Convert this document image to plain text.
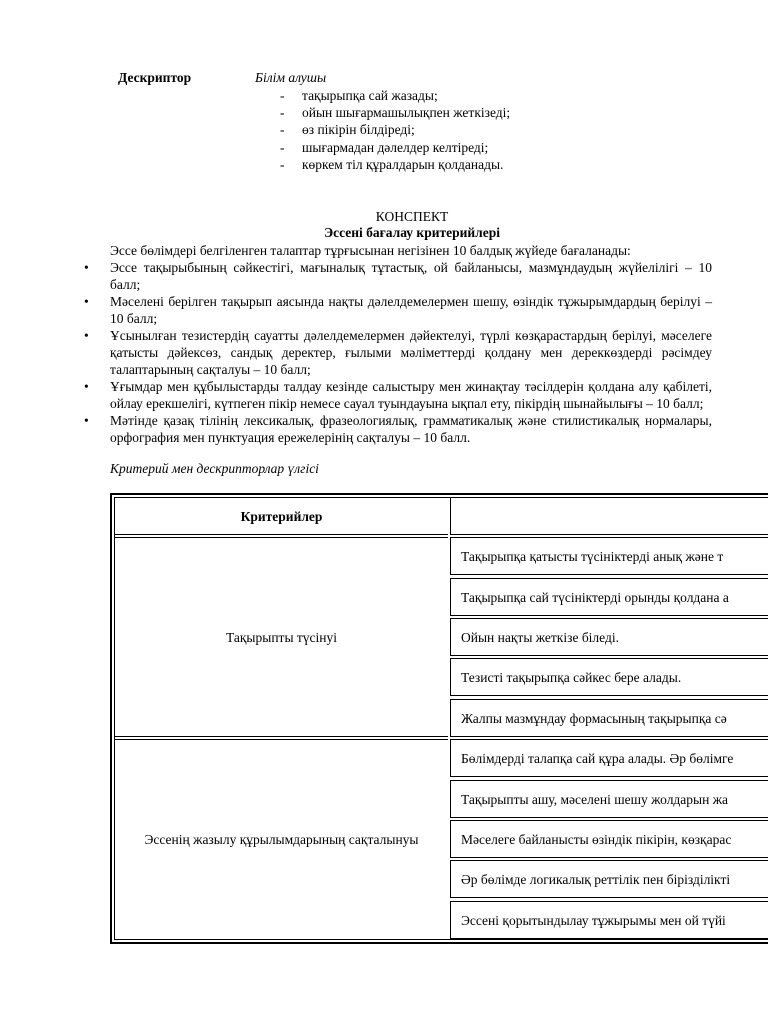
Дескриптор	Білім алушы
- тақырыпқа сай жазады;
- ойын шығармашылықпен жеткізеді;
- өз пікірін білдіреді;
- шығармадан дәлелдер келтіреді;
- көркем тіл құралдарын қолданады.
КОНСПЕКТ
Эссені бағалау критерийлері
Эссе бөлімдері белгіленген талаптар тұрғысынан негізінен 10 балдық жүйеде бағаланады:
• Эссе тақырыбының сәйкестігі, мағыналық тұтастық, ой байланысы, мазмұндаудың жүйелілігі – 10 балл;
• Мәселені берілген тақырып аясында нақты дәлелдемелермен шешу, өзіндік тұжырымдардың берілуі – 10 балл;
• Ұсынылған тезистердің сауатты дәлелдемелермен дәйектелуі, түрлі көзқарастардың берілуі, мәселеге қатысты дәйексөз, сандық деректер, ғылыми мәліметтерді қолдану мен дереккөздерді рәсімдеу талаптарының сақталуы – 10 балл;
• Ұғымдар мен құбылыстарды талдау кезінде салыстыру мен жинақтау тәсілдерін қолдана алу қабілеті, ойлау ерекшелігі, күтпеген пікір немесе сауал туындауына ықпал ету, пікірдің шынайылығы – 10 балл;
• Мәтінде қазақ тілінің лексикалық, фразеологиялық, грамматикалық және стилистикалық нормалары, орфография мен пунктуация ережелерінің сақталуы – 10 балл.
Критерий мен дескрипторлар үлгісі
Критерийлер
Тақырыпты түсінуі
Тақырыпқа қатысты түсініктерді анық және т
Тақырыпқа сай түсініктерді орынды қолдана а
Ойын нақты жеткізе біледі.
Тезисті тақырыпқа сәйкес бере алады.
Жалпы мазмұндау формасының тақырыпқа сә
Эссенің жазылу құрылымдарының сақталынуы
Бөлімдерді талапқа сай құра алады. Әр бөлімге
Тақырыпты ашу, мәселені шешу жолдарын жа
Мәселеге байланысты өзіндік пікірін, көзқарас
Әр бөлімде логикалық реттілік пен бірізділікті
Эссені қорытындылау тұжырымы мен ой түйі
